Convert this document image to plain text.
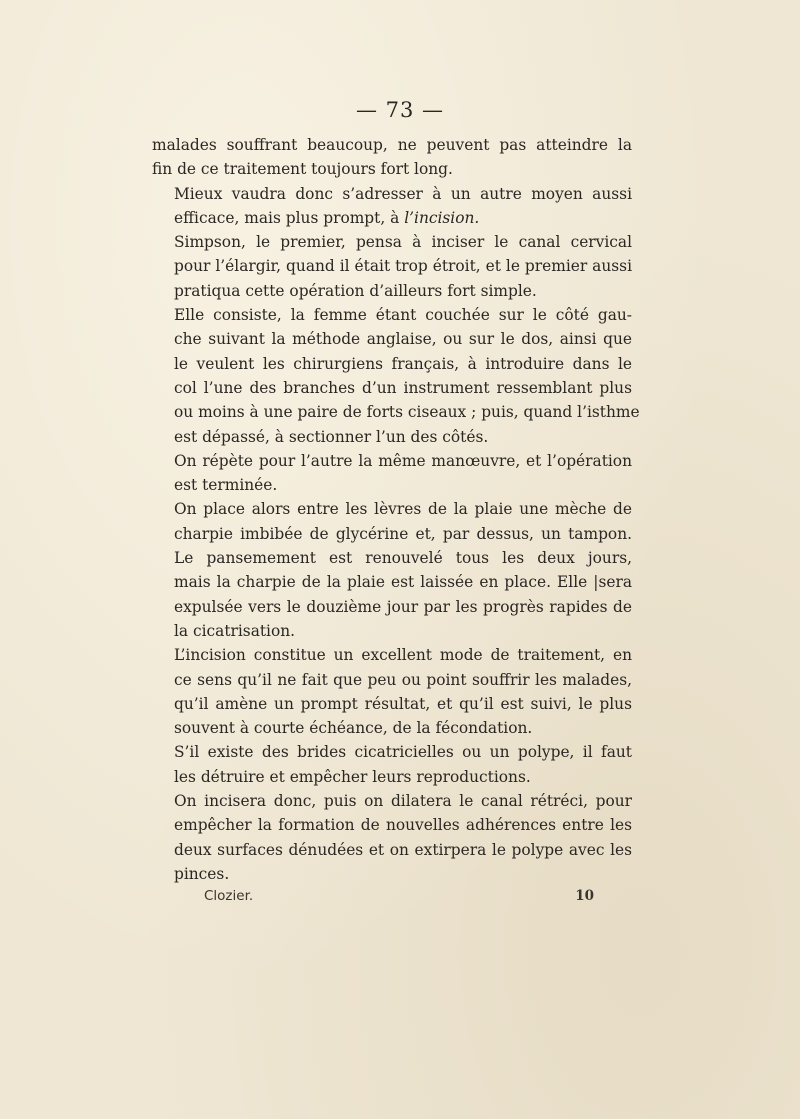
— 73 —

malades souffrant beaucoup, ne peuvent pas atteindre la
fin de ce traitement toujours fort long.

Mieux vaudra donc s’adresser à un autre moyen aussi
efficace, mais plus prompt, à l’incision.

Simpson, le premier, pensa à inciser le canal cervical
pour l’élargir, quand il était trop étroit, et le premier aussi
pratiqua cette opération d’ailleurs fort simple.

Elle consiste, la femme étant couchée sur le côté gau-
che suivant la méthode anglaise, ou sur le dos, ainsi que
le veulent les chirurgiens français, à introduire dans le
col l’une des branches d’un instrument ressemblant plus
ou moins à une paire de forts ciseaux ; puis, quand l’isthme
est dépassé, à sectionner l’un des côtés.

On répète pour l’autre la même manœuvre, et l’opération
est terminée.

On place alors entre les lèvres de la plaie une mèche de
charpie imbibée de glycérine et, par dessus, un tampon.

Le pansemement est renouvelé tous les deux jours,
mais la charpie de la plaie est laissée en place. Elle |sera
expulsée vers le douzième jour par les progrès rapides de
la cicatrisation.

L’incision constitue un excellent mode de traitement, en
ce sens qu’il ne fait que peu ou point souffrir les malades,
qu’il amène un prompt résultat, et qu’il est suivi, le plus
souvent à courte échéance, de la fécondation.

S’il existe des brides cicatricielles ou un polype, il faut
les détruire et empêcher leurs reproductions.

On incisera donc, puis on dilatera le canal rétréci, pour
empêcher la formation de nouvelles adhérences entre les
deux surfaces dénudées et on extirpera le polype avec les
pinces.

Clozier.	10
